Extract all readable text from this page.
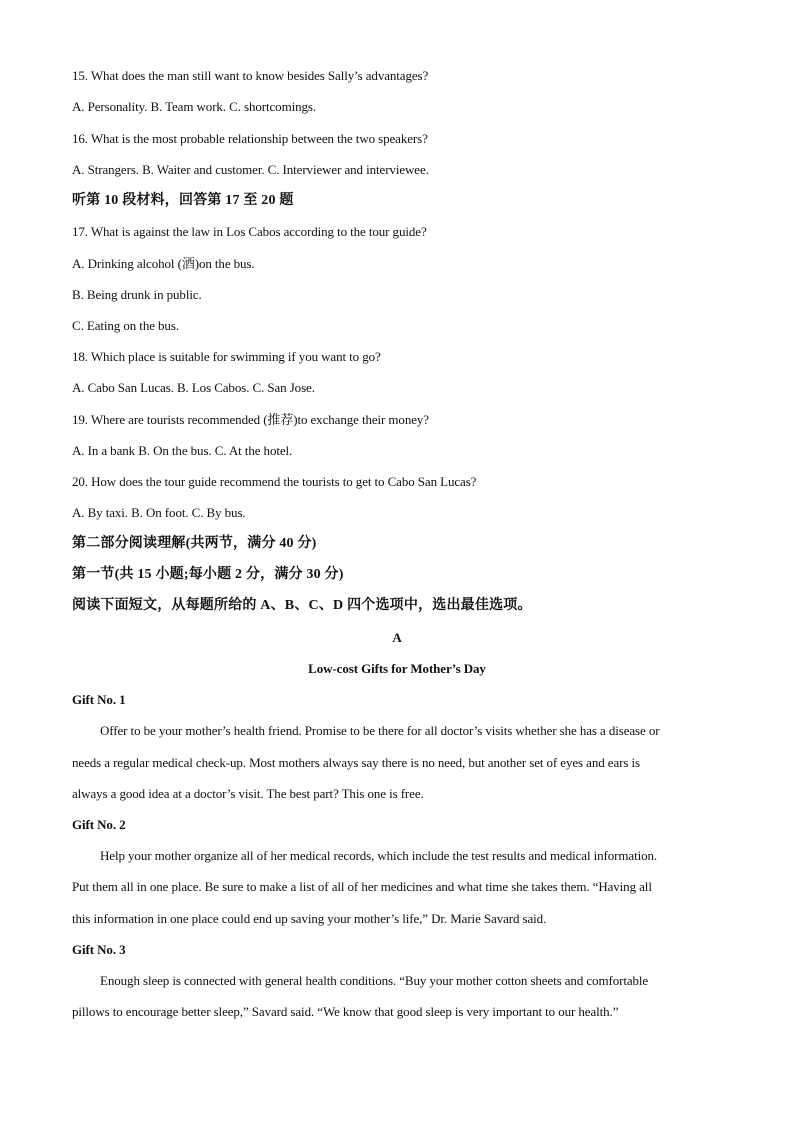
15. What does the man still want to know besides Sally’s advantages?
A. Personality. B. Team work. C. shortcomings.
16. What is the most probable relationship between the two speakers?
A. Strangers. B. Waiter and customer. C. Interviewer and interviewee.
听第 10 段材料，回答第 17 至 20 题
17. What is against the law in Los Cabos according to the tour guide?
A. Drinking alcohol (酒)on the bus.
B. Being drunk in public.
C. Eating on the bus.
18. Which place is suitable for swimming if you want to go?
A. Cabo San Lucas. B. Los Cabos. C. San Jose.
19. Where are tourists recommended (推荐)to exchange their money?
A. In a bank B. On the bus. C. At the hotel.
20. How does the tour guide recommend the tourists to get to Cabo San Lucas?
A. By taxi. B. On foot. C. By bus.
第二部分阅读理解(共两节，满分 40 分)
第一节(共 15 小题;每小题 2 分，满分 30 分)
阅读下面短文，从每题所给的 A、B、C、D 四个选项中，选出最佳选项。
A
Low-cost Gifts for Mother’s Day
Gift No. 1
Offer to be your mother’s health friend. Promise to be there for all doctor’s visits whether she has a disease or
needs a regular medical check-up. Most mothers always say there is no need, but another set of eyes and ears is
always a good idea at a doctor’s visit. The best part? This one is free.
Gift No. 2
Help your mother organize all of her medical records, which include the test results and medical information.
Put them all in one place. Be sure to make a list of all of her medicines and what time she takes them. “Having all
this information in one place could end up saving your mother’s life,” Dr. Marie Savard said.
Gift No. 3
Enough sleep is connected with general health conditions. “Buy your mother cotton sheets and comfortable
pillows to encourage better sleep,” Savard said. “We know that good sleep is very important to our health.”
